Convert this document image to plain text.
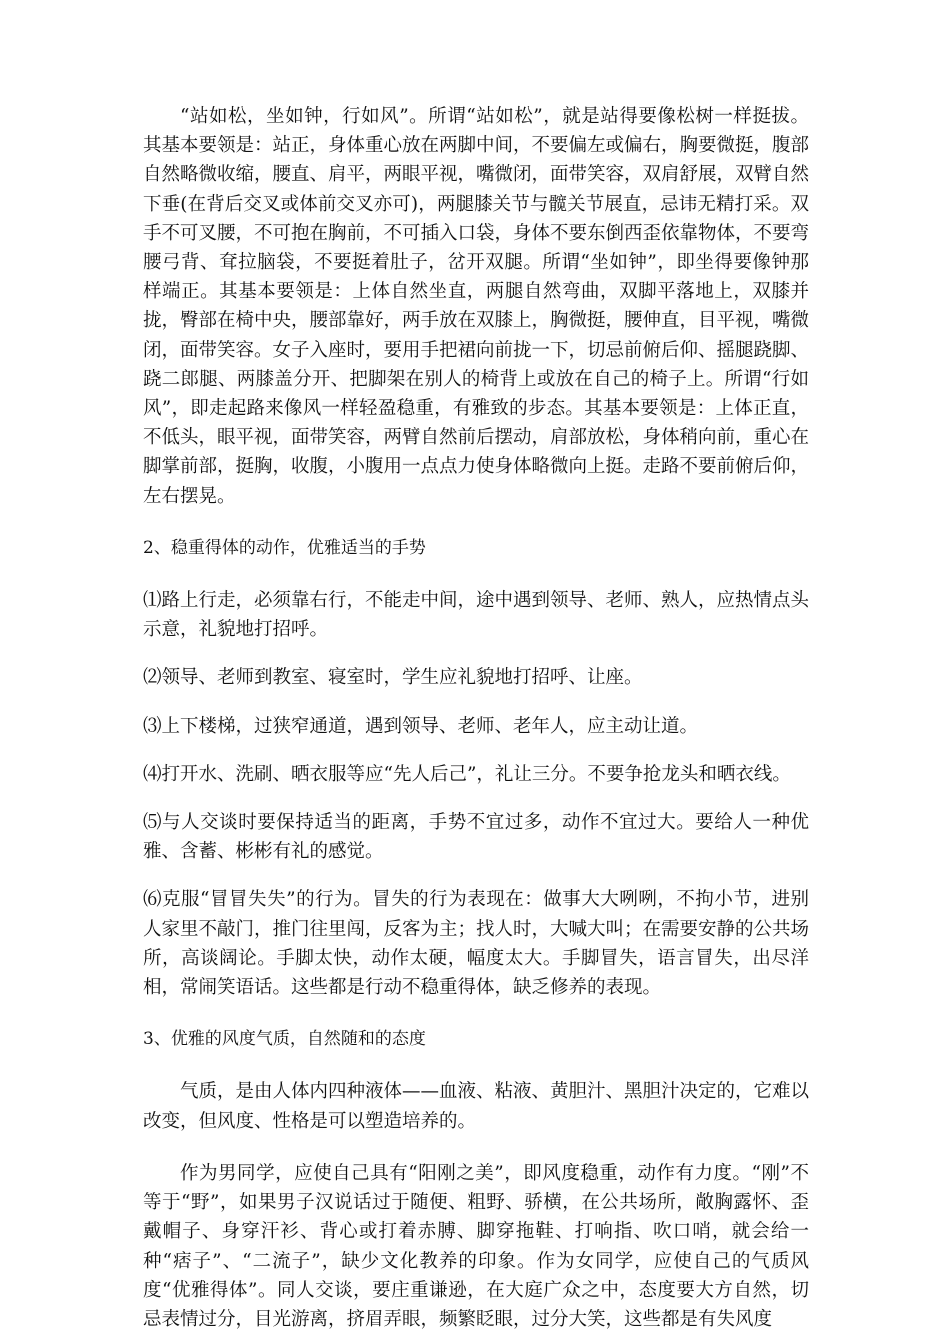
“站如松，坐如钟，行如风”。所谓“站如松”，就是站得要像松树一样挺拔。其基本要领是：站正，身体重心放在两脚中间，不要偏左或偏右，胸要微挺，腹部自然略微收缩，腰直、肩平，两眼平视，嘴微闭，面带笑容，双肩舒展，双臂自然下垂(在背后交叉或体前交叉亦可)，两腿膝关节与髋关节展直，忌讳无精打采。双手不可叉腰，不可抱在胸前，不可插入口袋，身体不要东倒西歪依靠物体，不要弯腰弓背、耷拉脑袋，不要挺着肚子，岔开双腿。所谓“坐如钟”，即坐得要像钟那样端正。其基本要领是：上体自然坐直，两腿自然弯曲，双脚平落地上，双膝并拢，臀部在椅中央，腰部靠好，两手放在双膝上，胸微挺，腰伸直，目平视，嘴微闭，面带笑容。女子入座时，要用手把裙向前拢一下，切忌前俯后仰、摇腿跷脚、跷二郎腿、两膝盖分开、把脚架在别人的椅背上或放在自己的椅子上。所谓“行如风”，即走起路来像风一样轻盈稳重，有雅致的步态。其基本要领是：上体正直，不低头，眼平视，面带笑容，两臂自然前后摆动，肩部放松，身体稍向前，重心在脚掌前部，挺胸，收腹，小腹用一点点力使身体略微向上挺。走路不要前俯后仰，左右摆晃。

2、稳重得体的动作，优雅适当的手势

⑴路上行走，必须靠右行，不能走中间，途中遇到领导、老师、熟人，应热情点头示意，礼貌地打招呼。

⑵领导、老师到教室、寝室时，学生应礼貌地打招呼、让座。

⑶上下楼梯，过狭窄通道，遇到领导、老师、老年人，应主动让道。

⑷打开水、洗刷、晒衣服等应“先人后己”，礼让三分。不要争抢龙头和晒衣线。

⑸与人交谈时要保持适当的距离，手势不宜过多，动作不宜过大。要给人一种优雅、含蓄、彬彬有礼的感觉。

⑹克服“冒冒失失”的行为。冒失的行为表现在：做事大大咧咧，不拘小节，进别人家里不敲门，推门往里闯，反客为主；找人时，大喊大叫；在需要安静的公共场所，高谈阔论。手脚太快，动作太硬，幅度太大。手脚冒失，语言冒失，出尽洋相，常闹笑语话。这些都是行动不稳重得体，缺乏修养的表现。

3、优雅的风度气质，自然随和的态度

气质，是由人体内四种液体——血液、粘液、黄胆汁、黑胆汁决定的，它难以改变，但风度、性格是可以塑造培养的。

作为男同学，应使自己具有“阳刚之美”，即风度稳重，动作有力度。“刚”不等于“野”，如果男子汉说话过于随便、粗野、骄横，在公共场所，敞胸露怀、歪戴帽子、身穿汗衫、背心或打着赤膊、脚穿拖鞋、打响指、吹口哨，就会给一种“痞子”、“二流子”，缺少文化教养的印象。作为女同学，应使自己的气质风度“优雅得体”。同人交谈，要庄重谦逊，在大庭广众之中，态度要大方自然，切忌表情过分，目光游离，挤眉弄眼，频繁眨眼，过分大笑，这些都是有失风度
